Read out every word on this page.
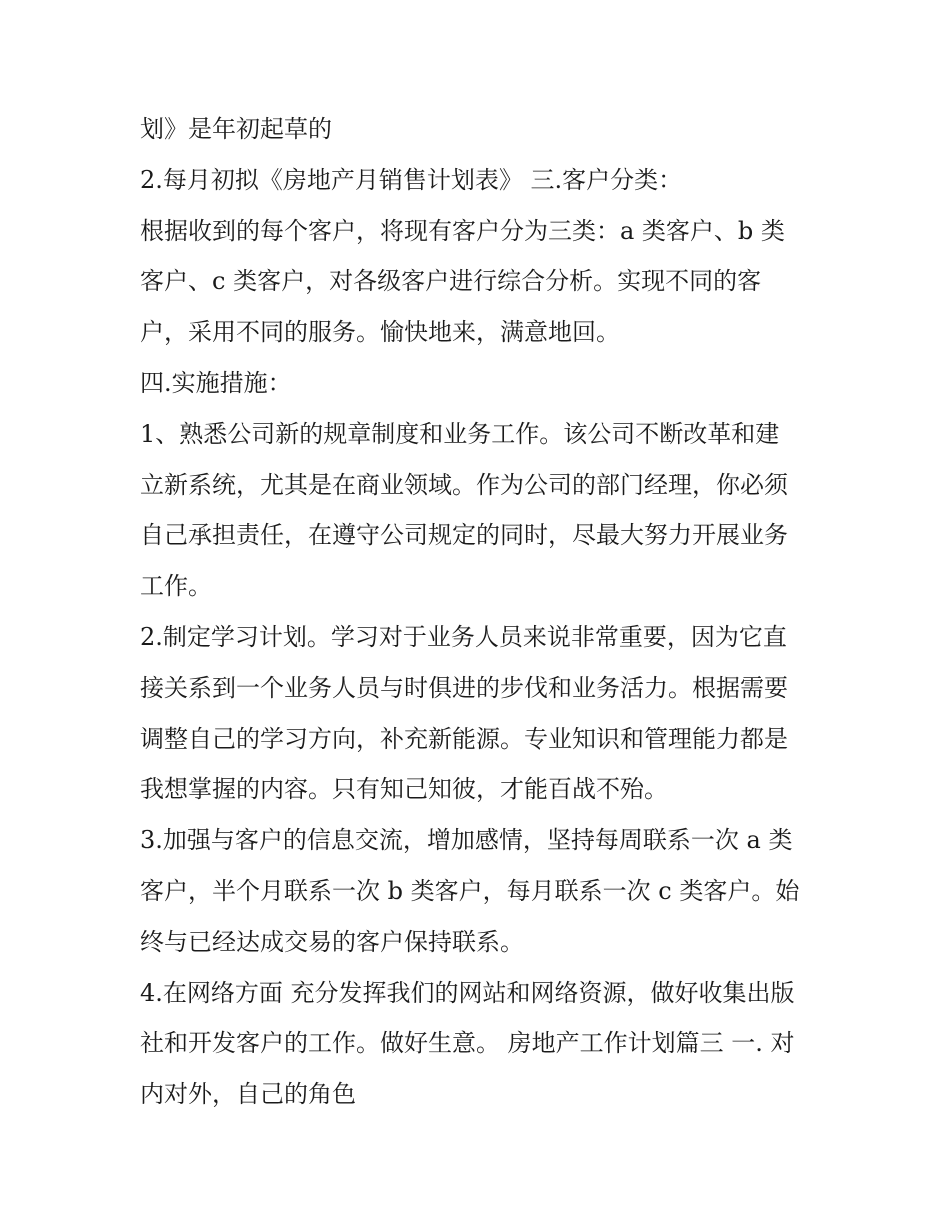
划》是年初起草的
2.每月初拟《房地产月销售计划表》 三.客户分类：
根据收到的每个客户，将现有客户分为三类：a 类客户、b 类
客户、c 类客户，对各级客户进行综合分析。实现不同的客
户，采用不同的服务。愉快地来，满意地回。
四.实施措施：
1、熟悉公司新的规章制度和业务工作。该公司不断改革和建
立新系统，尤其是在商业领域。作为公司的部门经理，你必须
自己承担责任，在遵守公司规定的同时，尽最大努力开展业务
工作。
2.制定学习计划。学习对于业务人员来说非常重要，因为它直
接关系到一个业务人员与时俱进的步伐和业务活力。根据需要
调整自己的学习方向，补充新能源。专业知识和管理能力都是
我想掌握的内容。只有知己知彼，才能百战不殆。
3.加强与客户的信息交流，增加感情，坚持每周联系一次 a 类
客户，半个月联系一次 b 类客户，每月联系一次 c 类客户。始
终与已经达成交易的客户保持联系。
4.在网络方面 充分发挥我们的网站和网络资源，做好收集出版
社和开发客户的工作。做好生意。 房地产工作计划篇三 一. 对
内对外，自己的角色
